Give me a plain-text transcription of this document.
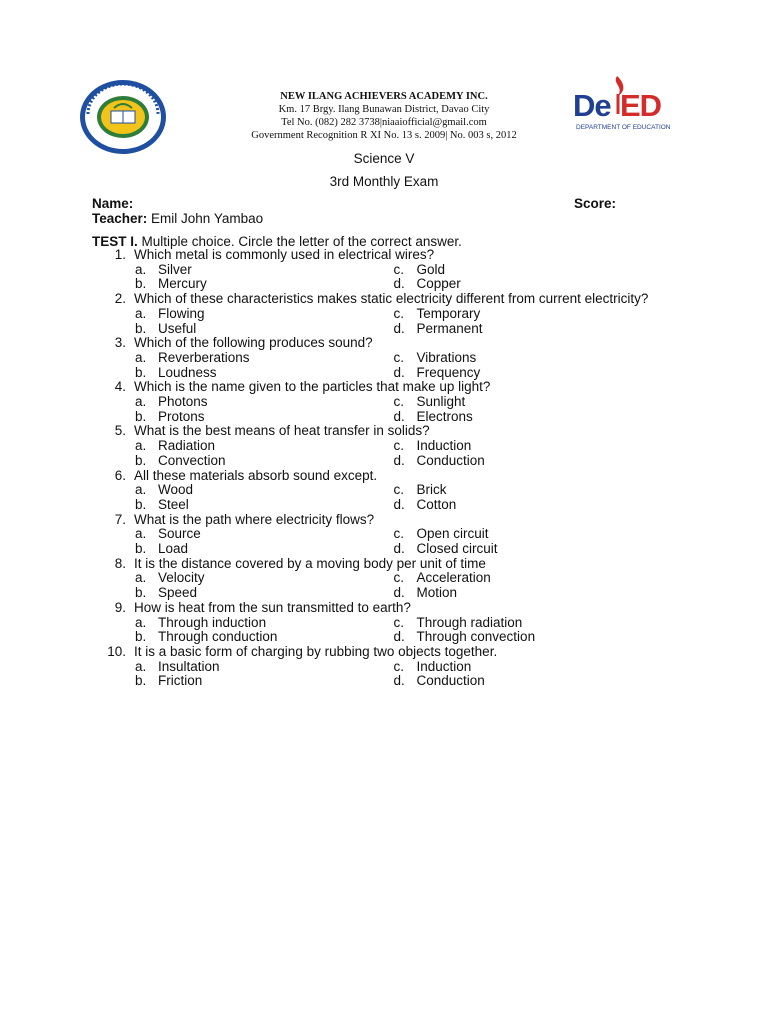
NEW ILANG ACHIEVERS ACADEMY INC.
Km. 17 Brgy. Ilang Bunawan District, Davao City
Tel No. (082) 282 3738|niaaiofficial@gmail.com
Government Recognition R XI No. 13 s. 2009| No. 003 s, 2012
De ED
DEPARTMENT OF EDUCATION
Science V
3rd Monthly Exam
Name:	Score:
Teacher: Emil John Yambao
TEST I. Multiple choice. Circle the letter of the correct answer.
1. Which metal is commonly used in electrical wires?
a. Silver	c. Gold
b. Mercury	d. Copper
2. Which of these characteristics makes static electricity different from current electricity?
a. Flowing	c. Temporary
b. Useful	d. Permanent
3. Which of the following produces sound?
a. Reverberations	c. Vibrations
b. Loudness	d. Frequency
4. Which is the name given to the particles that make up light?
a. Photons	c. Sunlight
b. Protons	d. Electrons
5. What is the best means of heat transfer in solids?
a. Radiation	c. Induction
b. Convection	d. Conduction
6. All these materials absorb sound except.
a. Wood	c. Brick
b. Steel	d. Cotton
7. What is the path where electricity flows?
a. Source	c. Open circuit
b. Load	d. Closed circuit
8. It is the distance covered by a moving body per unit of time
a. Velocity	c. Acceleration
b. Speed	d. Motion
9. How is heat from the sun transmitted to earth?
a. Through induction	c. Through radiation
b. Through conduction	d. Through convection
10. It is a basic form of charging by rubbing two objects together.
a. Insultation	c. Induction
b. Friction	d. Conduction
